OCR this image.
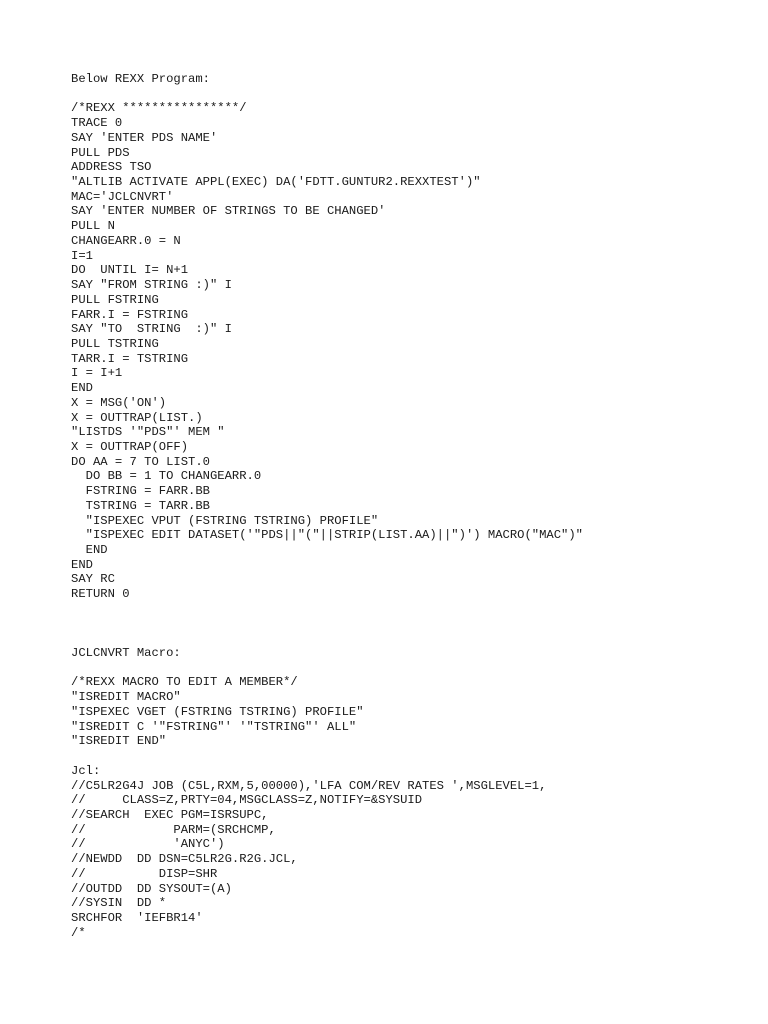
Below REXX Program:
/*REXX ****************/
TRACE 0
SAY 'ENTER PDS NAME'
PULL PDS
ADDRESS TSO
"ALTLIB ACTIVATE APPL(EXEC) DA('FDTT.GUNTUR2.REXXTEST')"
MAC='JCLCNVRT'
SAY 'ENTER NUMBER OF STRINGS TO BE CHANGED'
PULL N
CHANGEARR.0 = N
I=1
DO  UNTIL I= N+1
SAY "FROM STRING :)" I
PULL FSTRING
FARR.I = FSTRING
SAY "TO  STRING  :)" I
PULL TSTRING
TARR.I = TSTRING
I = I+1
END
X = MSG('ON')
X = OUTTRAP(LIST.)
"LISTDS '"PDS"' MEM "
X = OUTTRAP(OFF)
DO AA = 7 TO LIST.0
DO BB = 1 TO CHANGEARR.0
FSTRING = FARR.BB
TSTRING = TARR.BB
"ISPEXEC VPUT (FSTRING TSTRING) PROFILE"
"ISPEXEC EDIT DATASET('"PDS||"("||STRIP(LIST.AA)||")') MACRO("MAC")"
END
END
SAY RC
RETURN 0
JCLCNVRT Macro:
/*REXX MACRO TO EDIT A MEMBER*/
"ISREDIT MACRO"
"ISPEXEC VGET (FSTRING TSTRING) PROFILE"
"ISREDIT C '"FSTRING"' '"TSTRING"' ALL"
"ISREDIT END"
Jcl:
//C5LR2G4J JOB (C5L,RXM,5,00000),'LFA COM/REV RATES ',MSGLEVEL=1,
//     CLASS=Z,PRTY=04,MSGCLASS=Z,NOTIFY=&SYSUID
//SEARCH  EXEC PGM=ISRSUPC,
//            PARM=(SRCHCMP,
//            'ANYC')
//NEWDD  DD DSN=C5LR2G.R2G.JCL,
//          DISP=SHR
//OUTDD  DD SYSOUT=(A)
//SYSIN  DD *
SRCHFOR  'IEFBR14'
/*
